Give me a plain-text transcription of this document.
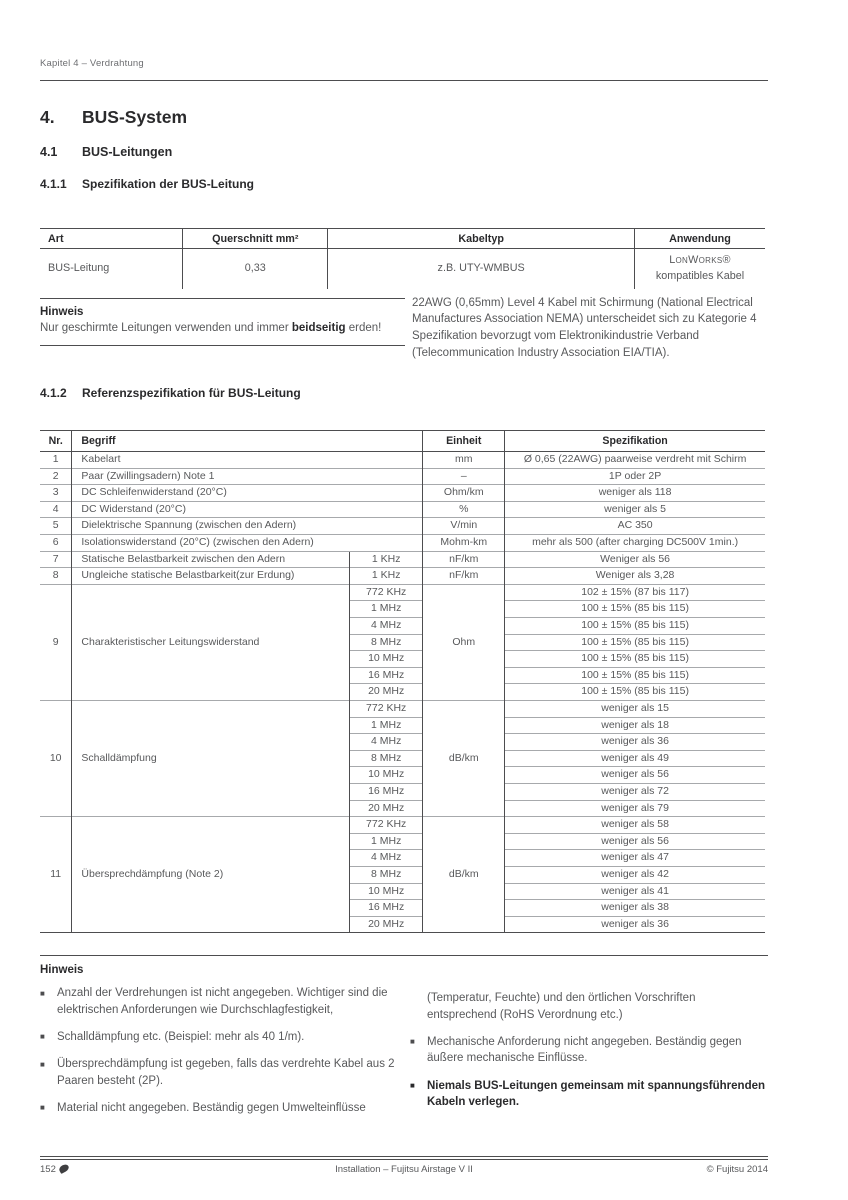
Kapitel 4 – Verdrahtung
4. BUS-System
4.1 BUS-Leitungen
4.1.1 Spezifikation der BUS-Leitung
Art	Querschnitt mm²	Kabeltyp	Anwendung
BUS-Leitung	0,33	z.B. UTY-WMBUS	LonWorks®
kompatibles Kabel
Hinweis
Nur geschirmte Leitungen verwenden und immer beidseitig erden!
22AWG (0,65mm) Level 4 Kabel mit Schirmung (National Electrical Manufactures Association NEMA) unterscheidet sich zu Kategorie 4 Spezifikation bevorzugt vom Elektronikindustrie Verband (Telecommunication Industry Association EIA/TIA).
4.1.2 Referenzspezifikation für BUS-Leitung
Nr.	Begriff		Einheit	Spezifikation
1	Kabelart		mm	Ø 0,65 (22AWG) paarweise verdreht mit Schirm
2	Paar (Zwillingsadern) Note 1		–	1P oder 2P
3	DC Schleifenwiderstand (20°C)		Ohm/km	weniger als 118
4	DC Widerstand (20°C)		%	weniger als 5
5	Dielektrische Spannung (zwischen den Adern)		V/min	AC 350
6	Isolationswiderstand (20°C) (zwischen den Adern)		Mohm-km	mehr als 500 (after charging DC500V 1min.)
7	Statische Belastbarkeit zwischen den Adern	1 KHz	nF/km	Weniger als 56
8	Ungleiche statische Belastbarkeit(zur Erdung)	1 KHz	nF/km	Weniger als 3,28
9	Charakteristischer Leitungswiderstand	772 KHz	Ohm	102 ± 15% (87 bis 117)
		1 MHz		100 ± 15% (85 bis 115)
		4 MHz		100 ± 15% (85 bis 115)
		8 MHz		100 ± 15% (85 bis 115)
		10 MHz		100 ± 15% (85 bis 115)
		16 MHz		100 ± 15% (85 bis 115)
		20 MHz		100 ± 15% (85 bis 115)
10	Schalldämpfung	772 KHz	dB/km	weniger als 15
		1 MHz		weniger als 18
		4 MHz		weniger als 36
		8 MHz		weniger als 49
		10 MHz		weniger als 56
		16 MHz		weniger als 72
		20 MHz		weniger als 79
11	Übersprechdämpfung (Note 2)	772 KHz	dB/km	weniger als 58
		1 MHz		weniger als 56
		4 MHz		weniger als 47
		8 MHz		weniger als 42
		10 MHz		weniger als 41
		16 MHz		weniger als 38
		20 MHz		weniger als 36
Hinweis
■	Anzahl der Verdrehungen ist nicht angegeben. Wichtiger sind die elektrischen Anforderungen wie Durchschlagfestigkeit,
■	Schalldämpfung etc. (Beispiel: mehr als 40 1/m).
■	Übersprechdämpfung ist gegeben, falls das verdrehte Kabel aus 2 Paaren besteht (2P).
■	Material nicht angegeben. Beständig gegen Umwelteinflüsse
(Temperatur, Feuchte) und den örtlichen Vorschriften entsprechend (RoHS Verordnung etc.)
■	Mechanische Anforderung nicht angegeben. Beständig gegen äußere mechanische Einflüsse.
■	Niemals BUS-Leitungen gemeinsam mit spannungsführenden Kabeln verlegen.
152	Installation – Fujitsu Airstage V II	© Fujitsu 2014
